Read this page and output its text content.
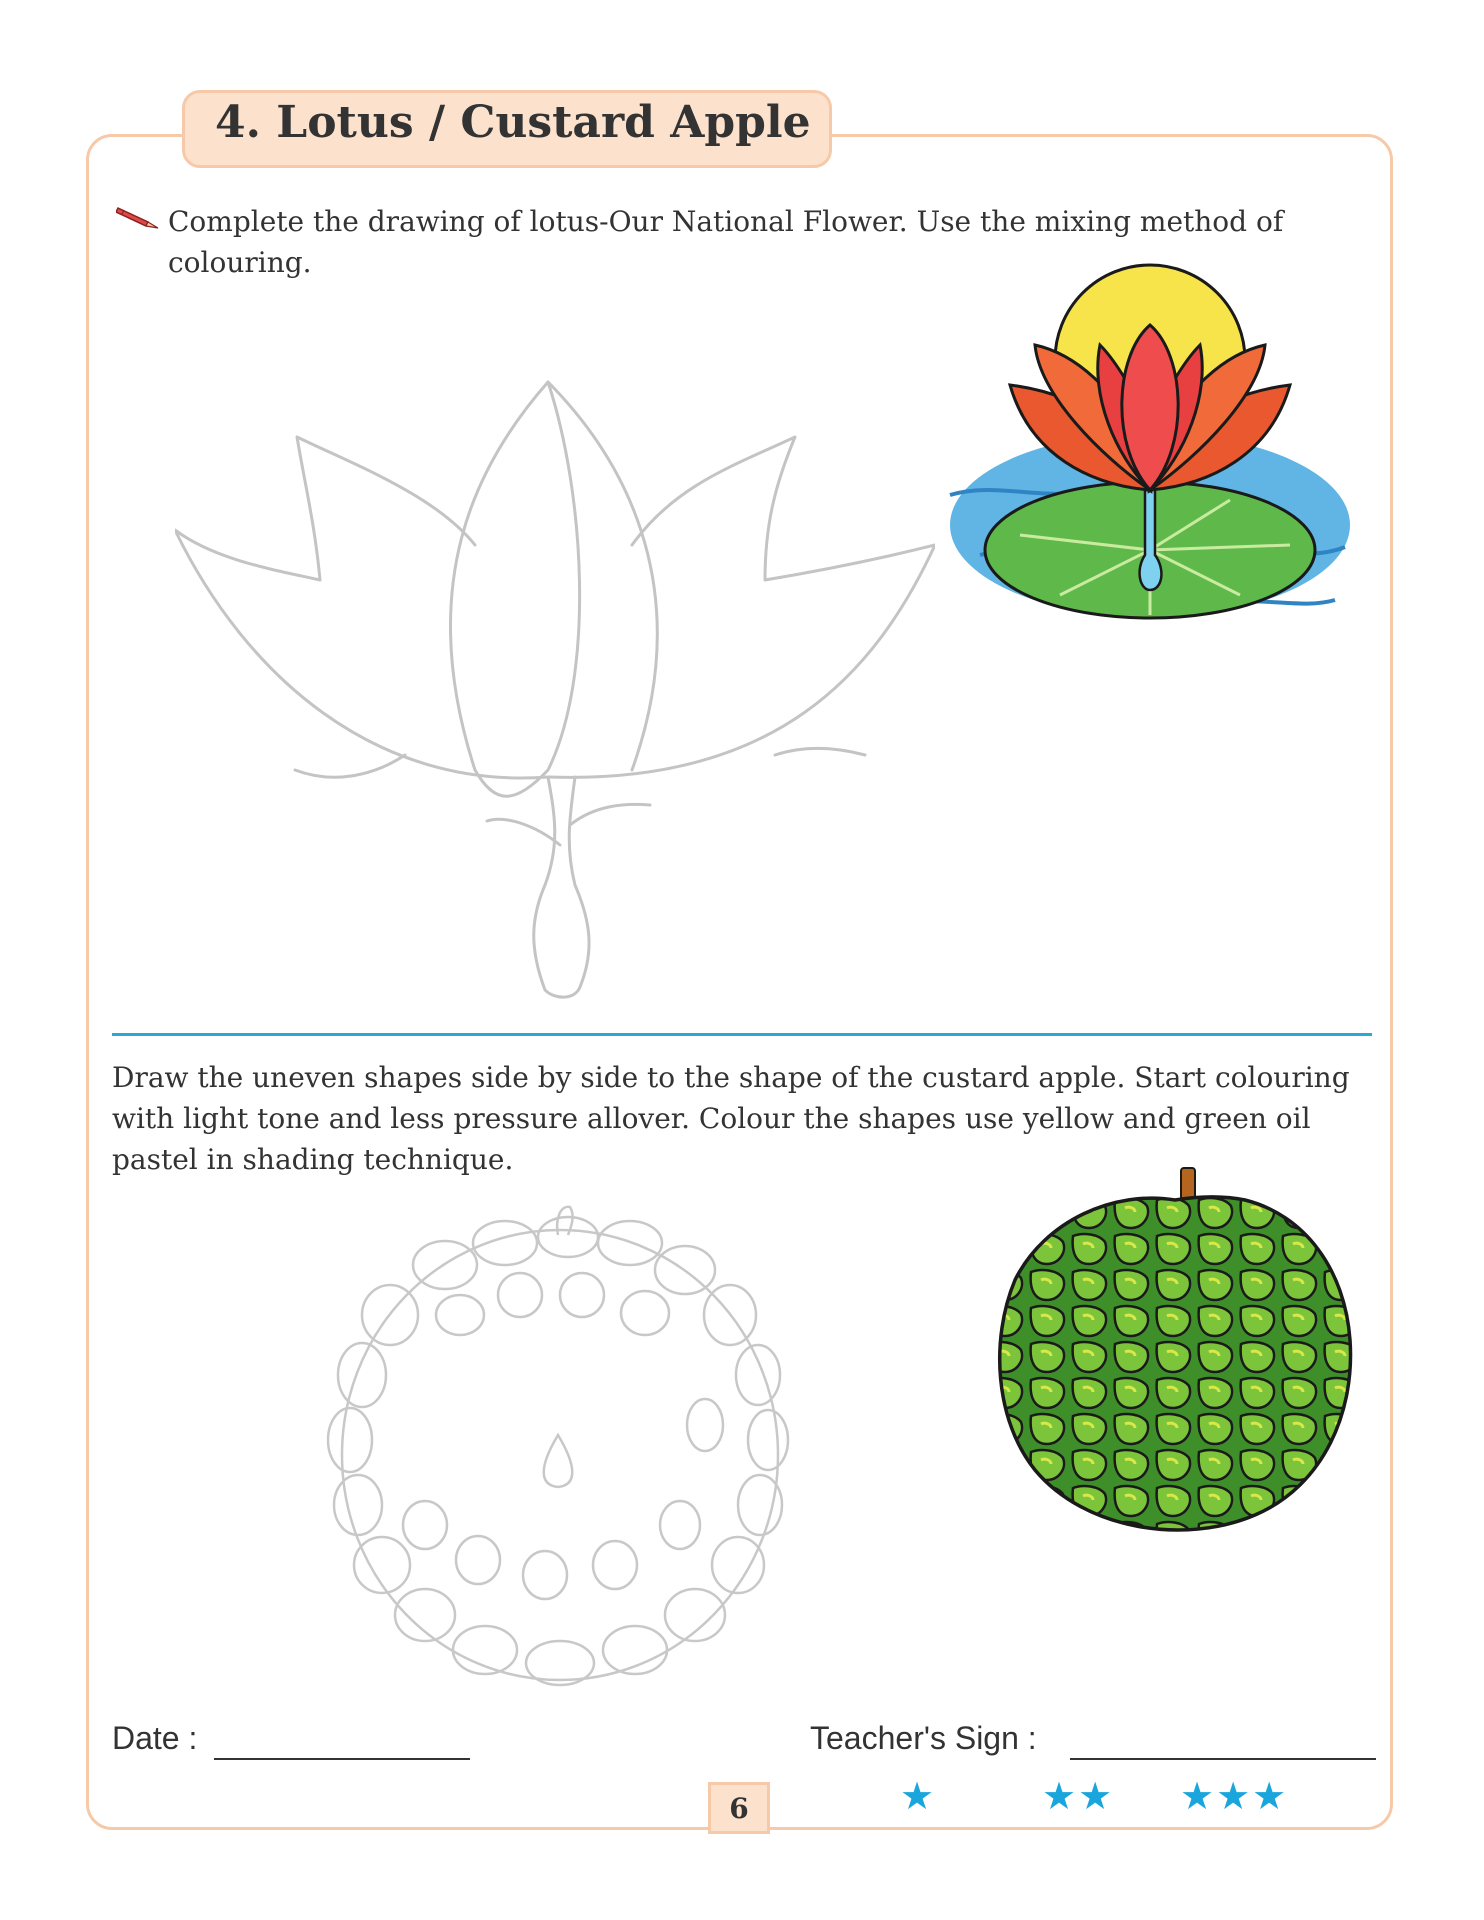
4. Lotus / Custard Apple
Complete the drawing of lotus-Our National Flower. Use the mixing method of colouring.
Draw the uneven shapes side by side to the shape of the custard apple. Start colouring with light tone and less pressure allover. Colour the shapes use yellow and green oil pastel in shading technique.
Date :	Teacher's Sign :
6	★	★★ ★★★
